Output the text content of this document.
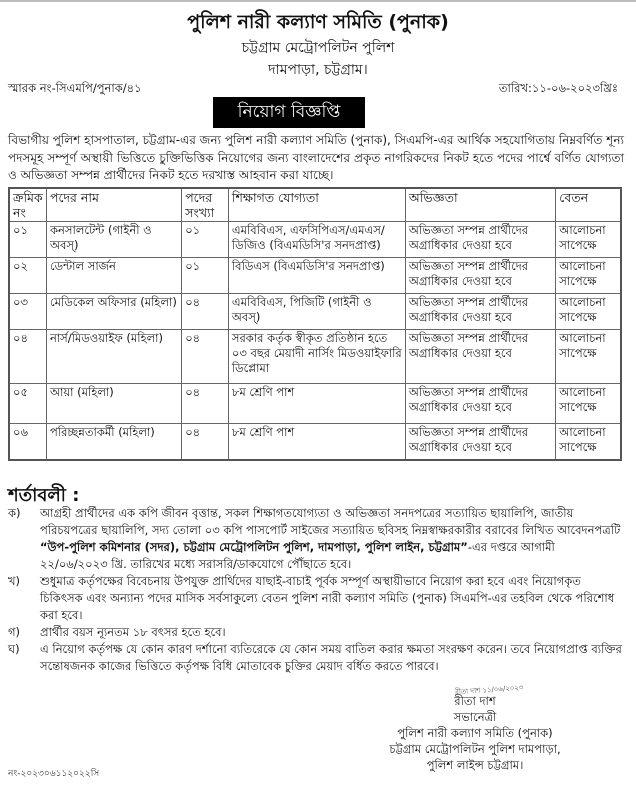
পুলিশ নারী কল্যাণ সমিতি (পুনাক)
চট্টগ্রাম মেট্রোপলিটন পুলিশ
দামপাড়া, চট্টগ্রাম।
স্মারক নং-সিএমপি/পুনাক/৪১	তারিখ:১১-০৬-২০২৩খ্রিঃ
নিয়োগ বিজ্ঞপ্তি
বিভাগীয় পুলিশ হাসপাতাল, চট্টগ্রাম-এর জন্য পুলিশ নারী কল্যাণ সমিতি (পুনাক), সিএমপি-এর আর্থিক সহযোগিতায় নিম্নবর্ণিত শূন্য পদসমূহ সম্পূর্ণ অস্থায়ী ভিত্তিতে চুক্তিভিত্তিক নিয়োগের জন্য বাংলাদেশের প্রকৃত নাগরিকদের নিকট হতে পদের পার্শ্বে বর্ণিত যোগ্যতা ও অভিজ্ঞতা সম্পন্ন প্রার্থীদের নিকট হতে দরখাস্ত আহবান করা যাচ্ছে।
ক্রমিক নং	পদের নাম	পদের সংখ্যা	শিক্ষাগত যোগ্যতা	অভিজ্ঞতা	বেতন
০১	কনসালটেন্ট (গাইনী ও অবস্)	০১	এমবিবিএস, এফসিপিএস/এমএস/ ডিজিও (বিএমডিসি'র সনদপ্রাপ্ত)	অভিজ্ঞতা সম্পন্ন প্রার্থীদের অগ্রাধিকার দেওয়া হবে	আলোচনা সাপেক্ষে
০২	ডেন্টাল সার্জন	০১	বিডিএস (বিএমডিসি'র সনদপ্রাপ্ত)	অভিজ্ঞতা সম্পন্ন প্রার্থীদের অগ্রাধিকার দেওয়া হবে	আলোচনা সাপেক্ষে
০৩	মেডিকেল অফিসার (মহিলা)	০৪	এমবিবিএস, পিজিটি (গাইনী ও অবস্)	অভিজ্ঞতা সম্পন্ন প্রার্থীদের অগ্রাধিকার দেওয়া হবে	আলোচনা সাপেক্ষে
০৪	নার্স/মিডওয়াইফ (মহিলা)	০৪	সরকার কর্তৃক স্বীকৃত প্রতিষ্ঠান হতে ০৩ বছর মেয়াদী নার্সিং মিডওয়াইফারি ডিপ্লোমা	অভিজ্ঞতা সম্পন্ন প্রার্থীদের অগ্রাধিকার দেওয়া হবে	আলোচনা সাপেক্ষে
০৫	আয়া (মহিলা)	০৪	৮ম শ্রেণি পাশ	অভিজ্ঞতা সম্পন্ন প্রার্থীদের অগ্রাধিকার দেওয়া হবে	আলোচনা সাপেক্ষে
০৬	পরিচ্ছন্নতাকর্মী (মহিলা)	০৪	৮ম শ্রেণি পাশ	অভিজ্ঞতা সম্পন্ন প্রার্থীদের অগ্রাধিকার দেওয়া হবে	আলোচনা সাপেক্ষে
শর্তাবলী :
ক)	আগ্রহী প্রার্থীদের এক কপি জীবন বৃত্তান্ত, সকল শিক্ষাগতযোগ্যতা ও অভিজ্ঞতা সনদপত্রের সত্যায়িত ছায়ালিপি, জাতীয় পরিচয়পত্রের ছায়ালিপি, সদ্য তোলা ০৩ কপি পাসপোর্ট সাইজের সত্যায়িত ছবিসহ নিম্নস্বাক্ষরকারীর বরাবের লিখিত আবেদনপত্রটি “উপ-পুলিশ কমিশনার (সদর), চট্টগ্রাম মেট্রোপলিটন পুলিশ, দামপাড়া, পুলিশ লাইন, চট্টগ্রাম”-এর দপ্তরে আগামী ২২/০৬/২০২৩ খ্রি. তারিখের মধ্যে সরাসরি/ডাকযোগে পৌঁছাতে হবে।
খ)	শুধুমাত্র কর্তৃপক্ষের বিবেচনায় উপযুক্ত প্রার্থিদের যাছাই-বাচাই পূর্বক সম্পূর্ণ অস্থায়ীভাবে নিয়োগ করা হবে এবং নিয়োগকৃত চিকিৎসক এবং অন্যান্য পদের মাসিক সর্বসাকুল্যে বেতন পুলিশ নারী কল্যাণ সমিতি (পুনাক) সিএমপি-এর তহবিল থেকে পরিশোধ করা হবে।
গ)	প্রার্থীর বয়স ন্যূনতম ১৮ বৎসর হতে হবে।
ঘ)	এ নিয়োগ কর্তৃপক্ষ যে কোন কারণ দর্শানো ব্যতিরেকে যে কোন সময় বাতিল করার ক্ষমতা সংরক্ষণ করেন। তবে নিয়োগপ্রাপ্ত ব্যক্তির সন্তোষজনক কাজের ভিত্তিতে কর্তৃপক্ষ বিধি মোতাবেক চুক্তির মেয়াদ বর্ধিত করতে পারবে।
রীতা দাশ ১১/০৬/২০২৩
রীতা দাশ
সভানেত্রী
পুলিশ নারী কল্যাণ সমিতি (পুনাক)
চট্টগ্রাম মেট্রোপলিটন পুলিশ দামপাড়া,
পুলিশ লাইন্স চট্টগ্রাম।
নং-২০২৩০৬১১২০২২সি
